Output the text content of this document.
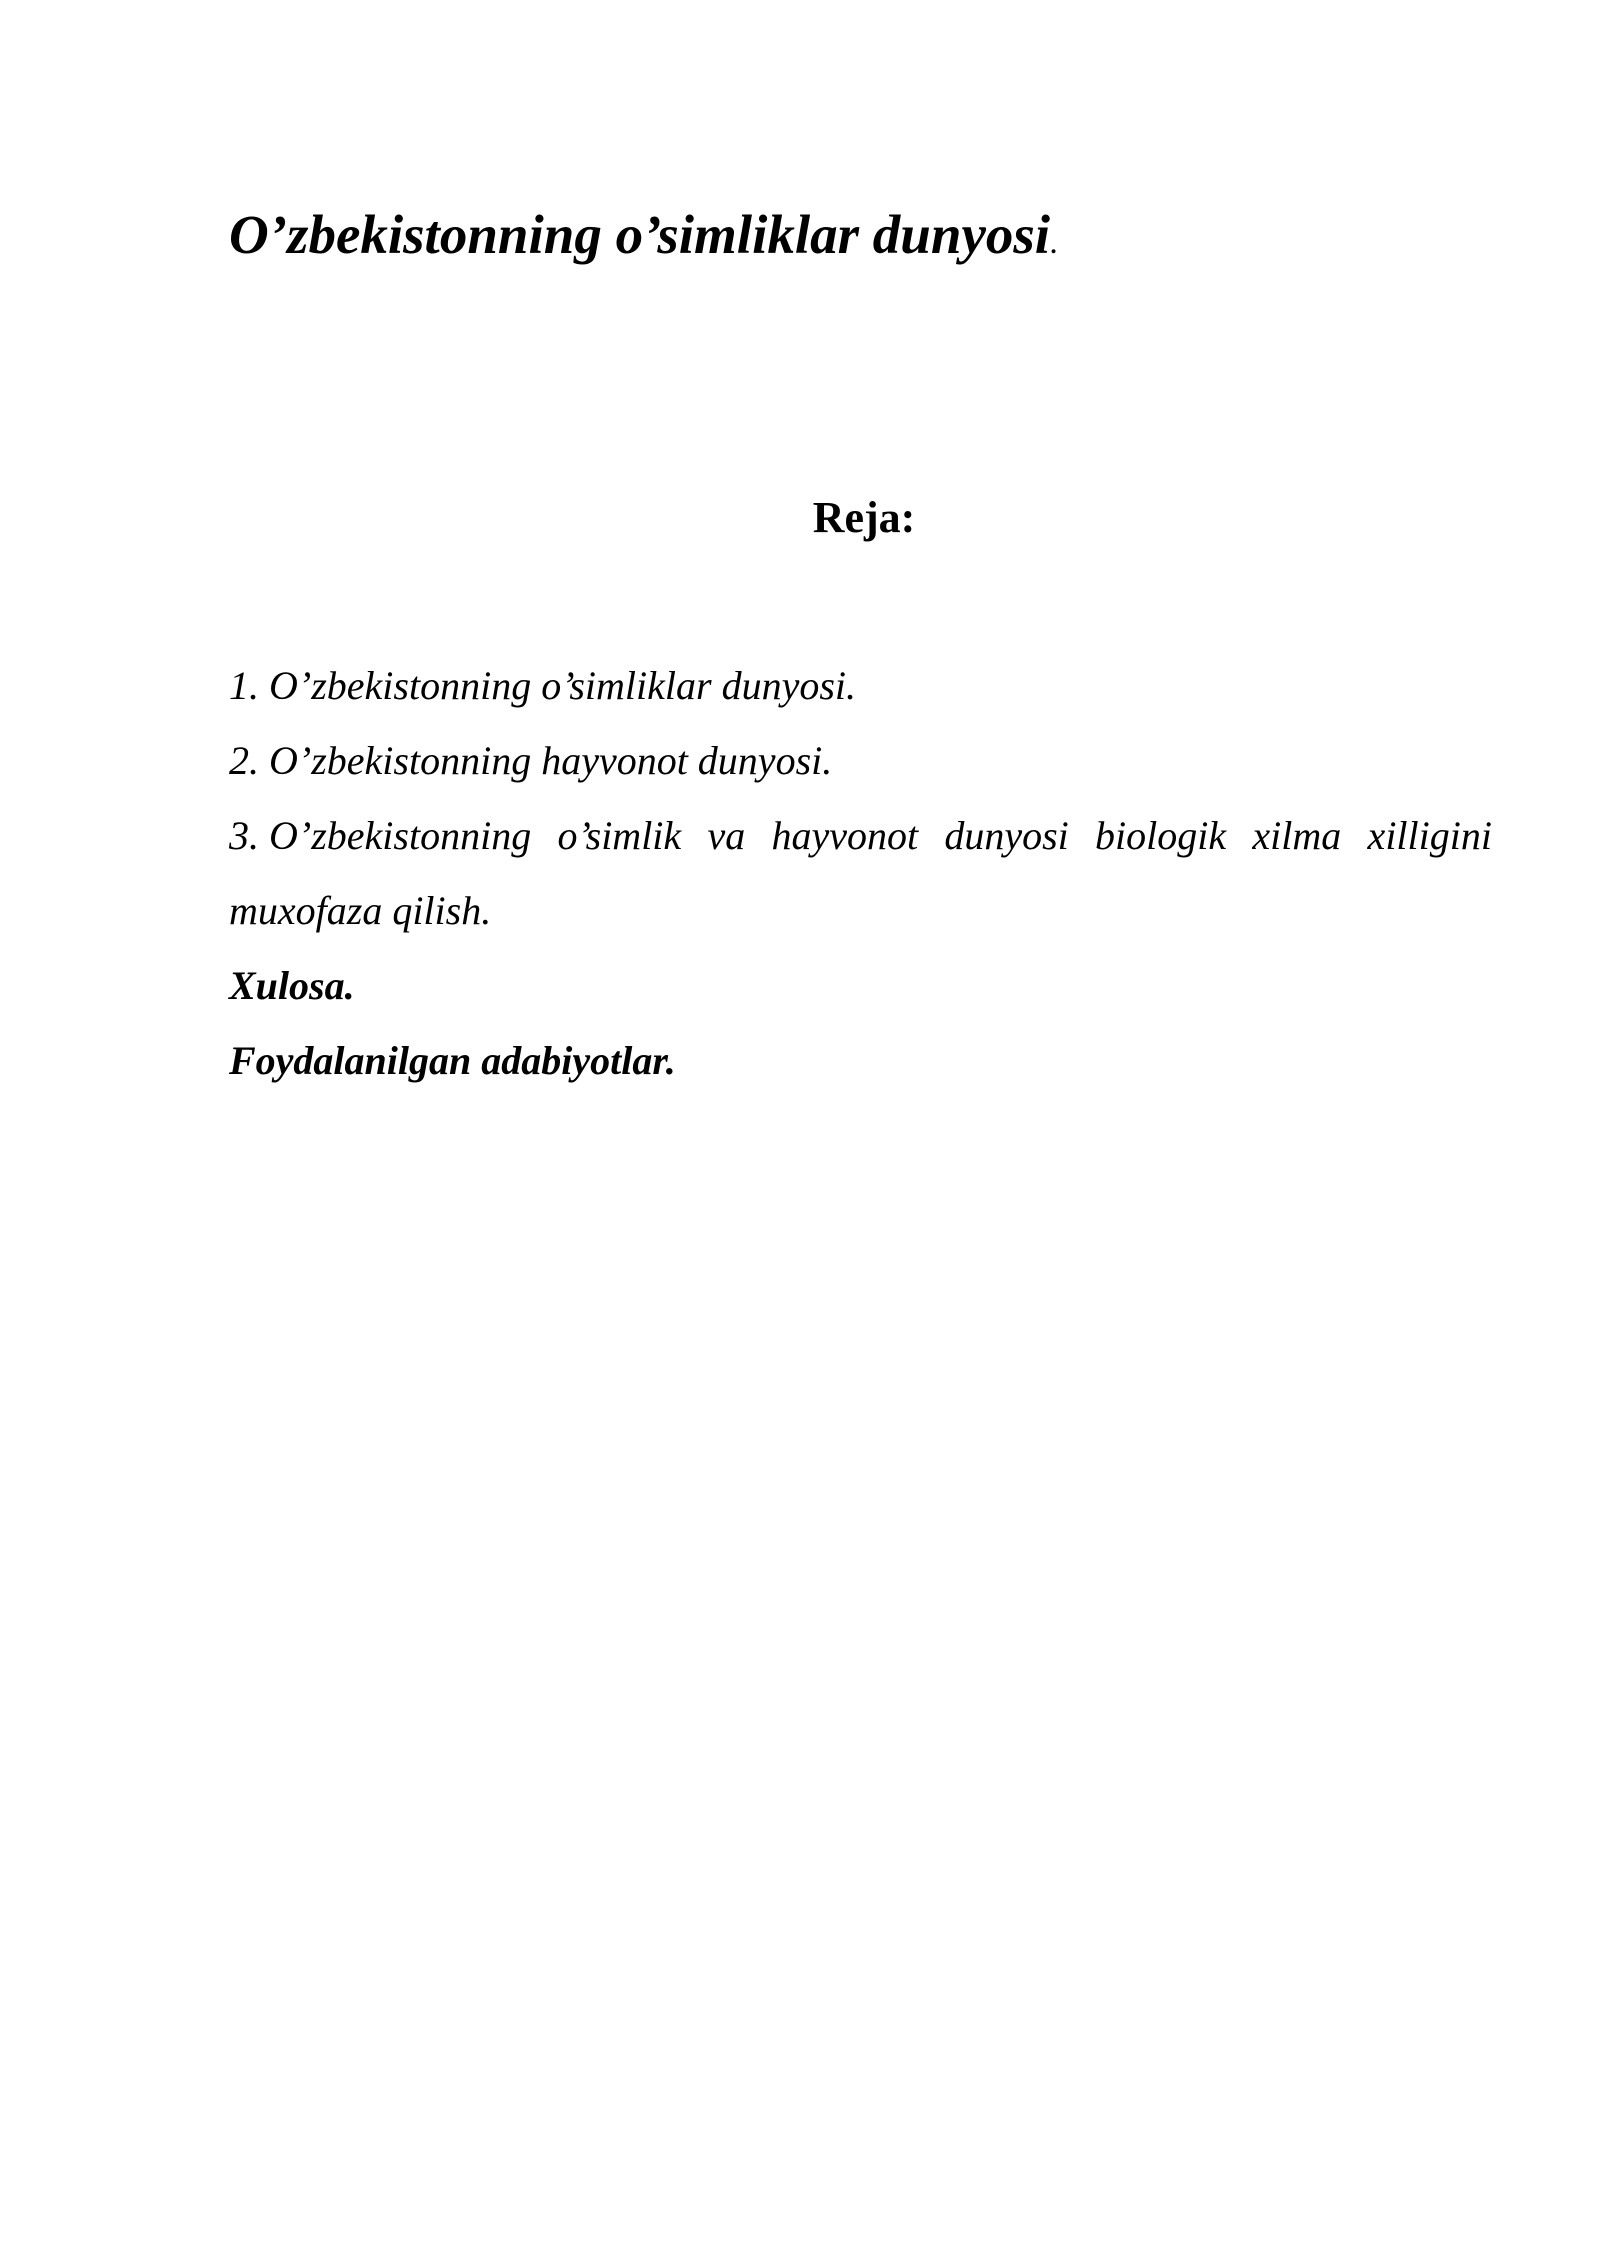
O’zbekistonning o’simliklar dunyosi.
Reja:
1. O’zbekistonning o’simliklar dunyosi.
2. O’zbekistonning hayvonot dunyosi.
3. O’zbekistonning o’simlik va hayvonot dunyosi biologik xilma xilligini muxofaza qilish.
Xulosa.
Foydalanilgan adabiyotlar.
